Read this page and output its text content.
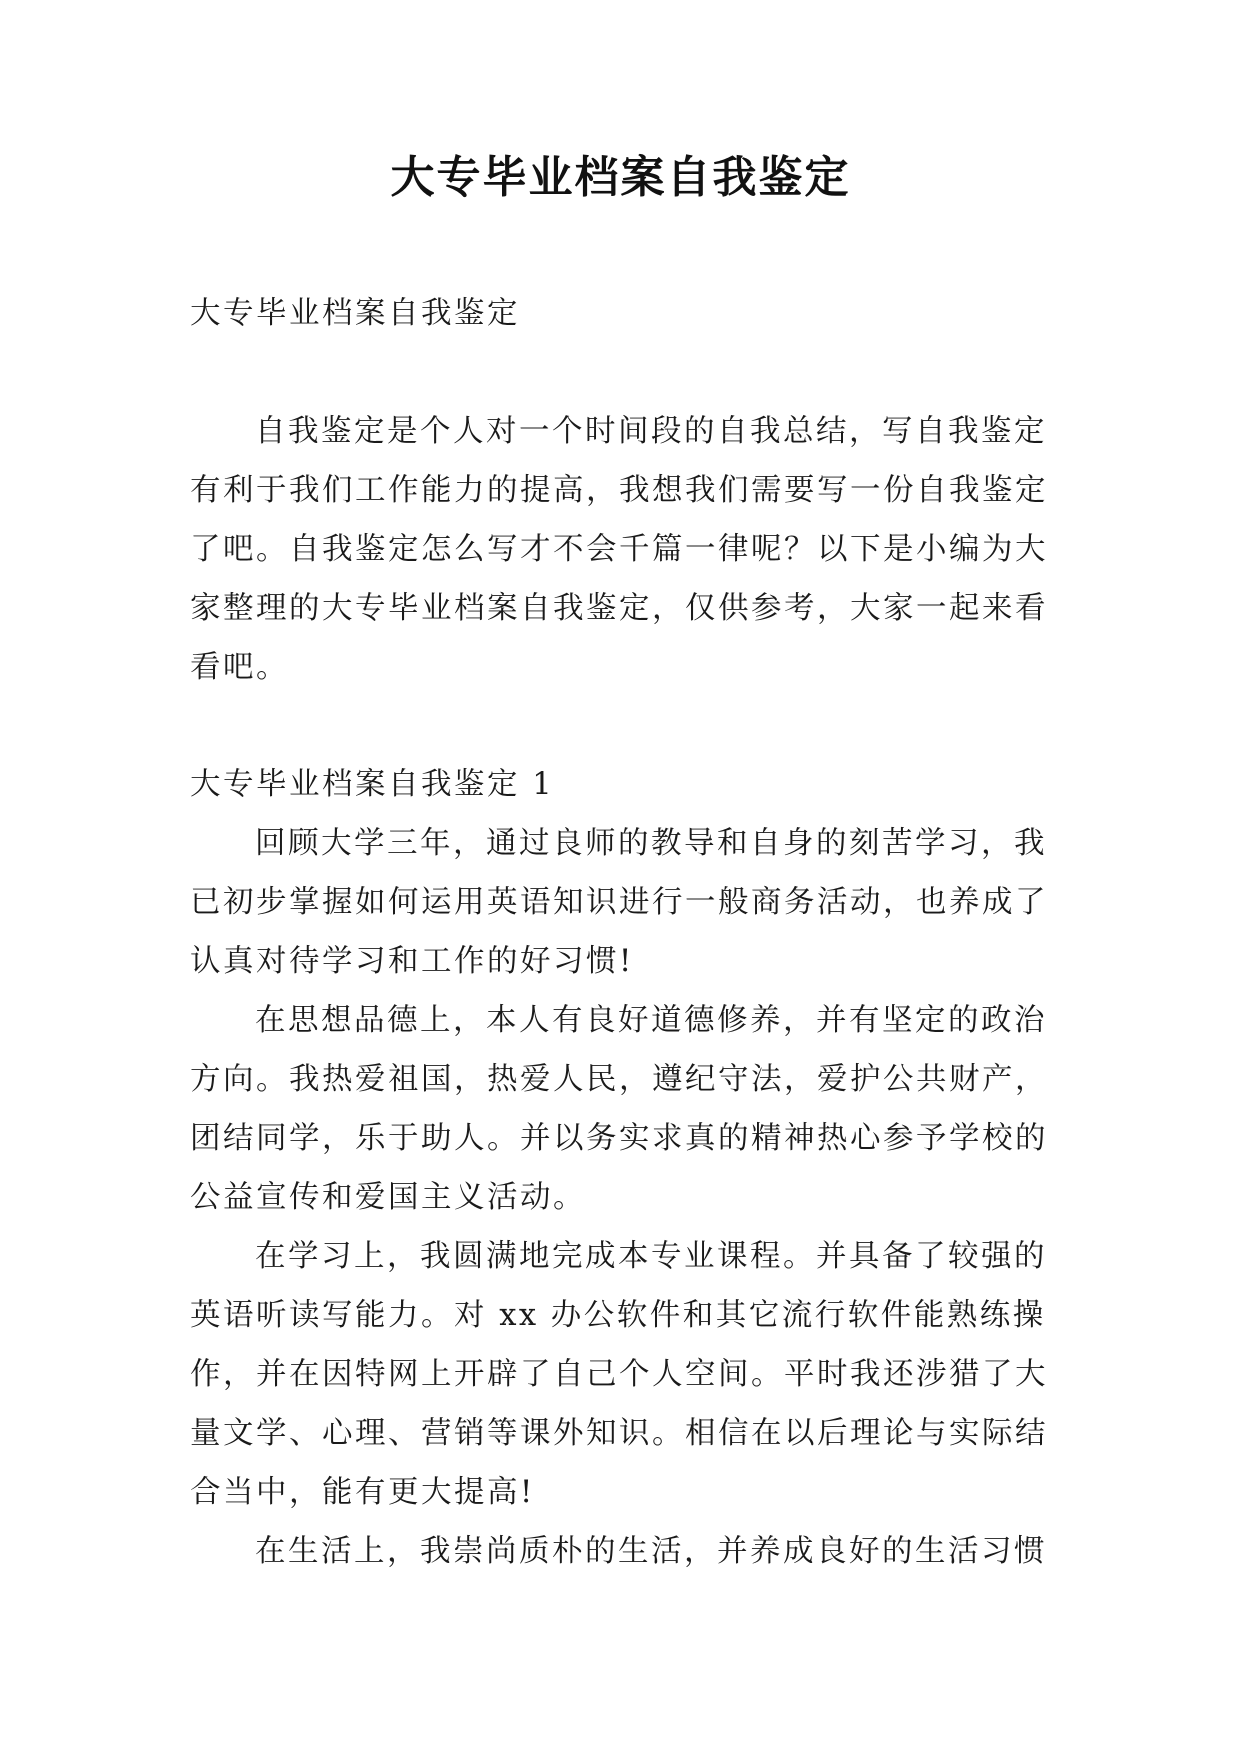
大专毕业档案自我鉴定

大专毕业档案自我鉴定

自我鉴定是个人对一个时间段的自我总结，写自我鉴定有利于我们工作能力的提高，我想我们需要写一份自我鉴定了吧。自我鉴定怎么写才不会千篇一律呢？以下是小编为大家整理的大专毕业档案自我鉴定，仅供参考，大家一起来看看吧。

大专毕业档案自我鉴定 1

回顾大学三年，通过良师的教导和自身的刻苦学习，我已初步掌握如何运用英语知识进行一般商务活动，也养成了认真对待学习和工作的好习惯!

在思想品德上，本人有良好道德修养，并有坚定的政治方向。我热爱祖国，热爱人民，遵纪守法，爱护公共财产，团结同学，乐于助人。并以务实求真的精神热心参予学校的公益宣传和爱国主义活动。

在学习上，我圆满地完成本专业课程。并具备了较强的英语听读写能力。对 xx 办公软件和其它流行软件能熟练操作，并在因特网上开辟了自己个人空间。平时我还涉猎了大量文学、心理、营销等课外知识。相信在以后理论与实际结合当中，能有更大提高!

在生活上，我崇尚质朴的生活，并养成良好的生活习惯
